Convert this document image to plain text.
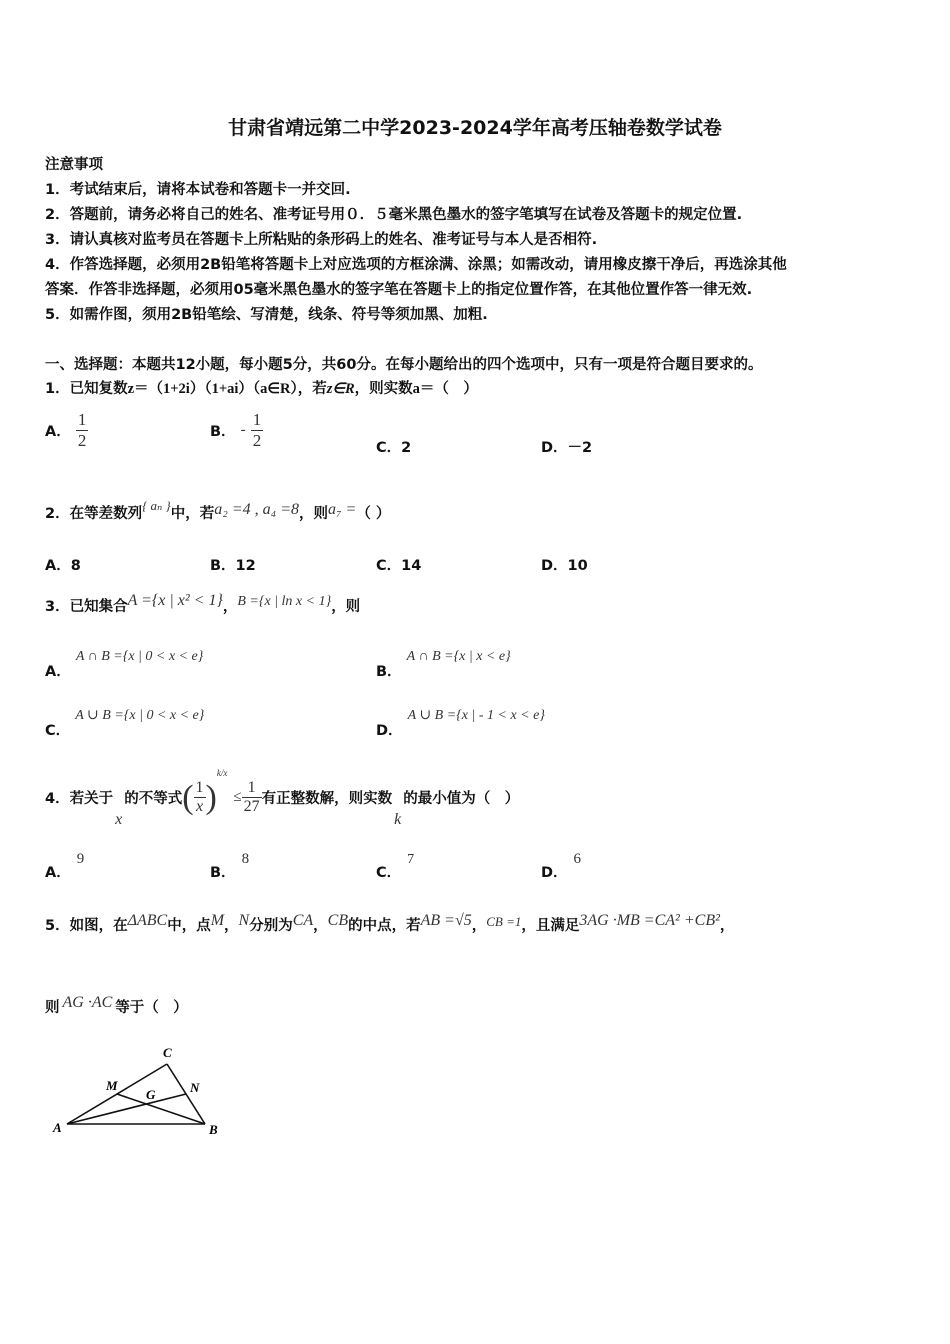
甘肃省靖远第二中学2023-2024学年高考压轴卷数学试卷
注意事项
1．考试结束后，请将本试卷和答题卡一并交回.
2．答题前，请务必将自己的姓名、准考证号用０．５毫米黑色墨水的签字笔填写在试卷及答题卡的规定位置.
3．请认真核对监考员在答题卡上所粘贴的条形码上的姓名、准考证号与本人是否相符.
4．作答选择题，必须用2B铅笔将答题卡上对应选项的方框涂满、涂黑；如需改动，请用橡皮擦干净后，再选涂其他
答案．作答非选择题，必须用05毫米黑色墨水的签字笔在答题卡上的指定位置作答，在其他位置作答一律无效.
5．如需作图，须用2B铅笔绘、写清楚，线条、符号等须加黑、加粗.
一、选择题：本题共12小题，每小题5分，共60分。在每小题给出的四个选项中，只有一项是符合题目要求的。
1．已知复数z＝（1+2i）（1+ai）（a∈R），若z∈R，则实数a＝（　）
A． $\frac{1}{2}$	B． - $\frac{1}{2}$	C．2	D．－2
2．在等差数列$^{\{ a_n \}}$中，若a₂ =4 , a₄ =8，则a₇ =（ ）
A．8	B．12	C．14	D．10
3．已知集合A ={x | x² < 1}，B ={x | ln x < 1}，则
A． A ∩ B ={x | 0 < x < e}
B． A ∩ B ={x | x < e}
C． A ∪ B ={x | 0 < x < e}
D． A ∪ B ={x | - 1 < x < e}
4．若关于x的不等式( $\frac{1}{x} )^{k/x}\le \frac{1}{27}$ 有正整数解，则实数k的最小值为（　）
A．9
B．8
C．7
D．6
5．如图，在ΔABC中，点M，N分别为CA，CB的中点，若AB =√5，$^{CB =1}$，且满足3AG ·MB =CA² +CB²，
则 AG ·AC 等于（　）
A	B
C
M	N
G
